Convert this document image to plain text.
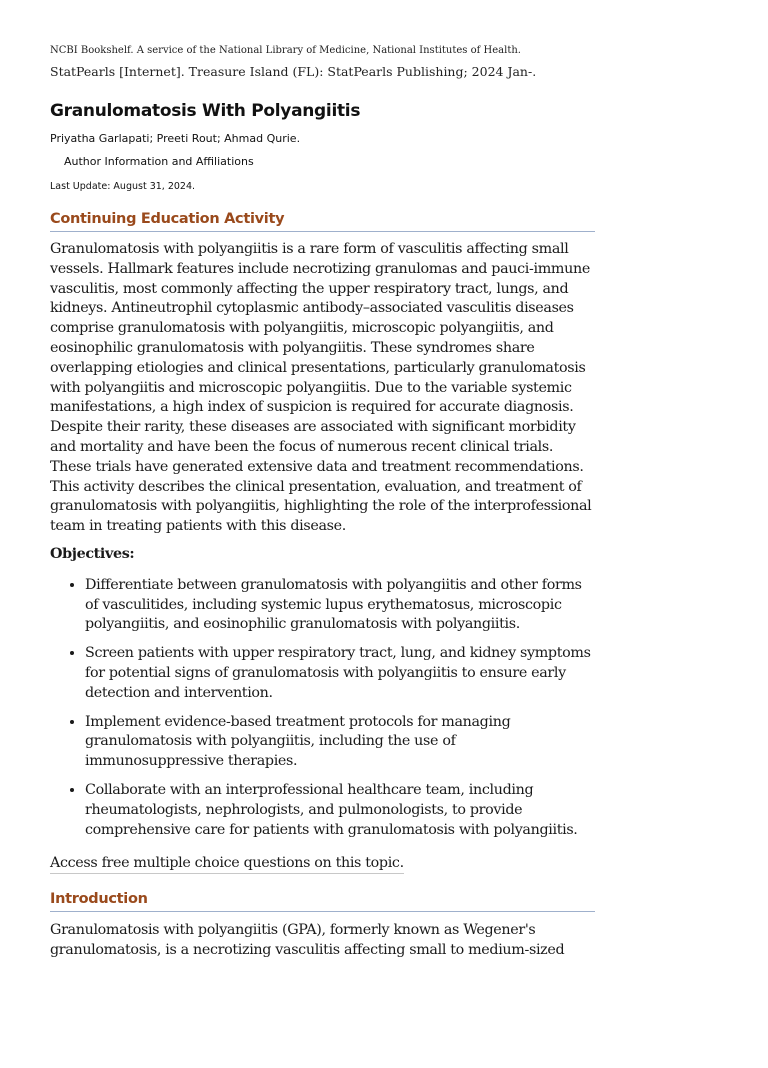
NCBI Bookshelf. A service of the National Library of Medicine, National Institutes of Health.
StatPearls [Internet]. Treasure Island (FL): StatPearls Publishing; 2024 Jan-.
Granulomatosis With Polyangiitis
Priyatha Garlapati; Preeti Rout; Ahmad Qurie.
Author Information and Affiliations
Last Update: August 31, 2024.
Continuing Education Activity

Granulomatosis with polyangiitis is a rare form of vasculitis affecting small vessels. Hallmark features include necrotizing granulomas and pauci-immune vasculitis, most commonly affecting the upper respiratory tract, lungs, and kidneys. Antineutrophil cytoplasmic antibody–associated vasculitis diseases comprise granulomatosis with polyangiitis, microscopic polyangiitis, and eosinophilic granulomatosis with polyangiitis. These syndromes share overlapping etiologies and clinical presentations, particularly granulomatosis with polyangiitis and microscopic polyangiitis. Due to the variable systemic manifestations, a high index of suspicion is required for accurate diagnosis. Despite their rarity, these diseases are associated with significant morbidity and mortality and have been the focus of numerous recent clinical trials. These trials have generated extensive data and treatment recommendations. This activity describes the clinical presentation, evaluation, and treatment of granulomatosis with polyangiitis, highlighting the role of the interprofessional team in treating patients with this disease.

Objectives:
• Differentiate between granulomatosis with polyangiitis and other forms of vasculitides, including systemic lupus erythematosus, microscopic polyangiitis, and eosinophilic granulomatosis with polyangiitis.
• Screen patients with upper respiratory tract, lung, and kidney symptoms for potential signs of granulomatosis with polyangiitis to ensure early detection and intervention.
• Implement evidence-based treatment protocols for managing granulomatosis with polyangiitis, including the use of immunosuppressive therapies.
• Collaborate with an interprofessional healthcare team, including rheumatologists, nephrologists, and pulmonologists, to provide comprehensive care for patients with granulomatosis with polyangiitis.
Access free multiple choice questions on this topic.
Introduction

Granulomatosis with polyangiitis (GPA), formerly known as Wegener's granulomatosis, is a necrotizing vasculitis affecting small to medium-sized
